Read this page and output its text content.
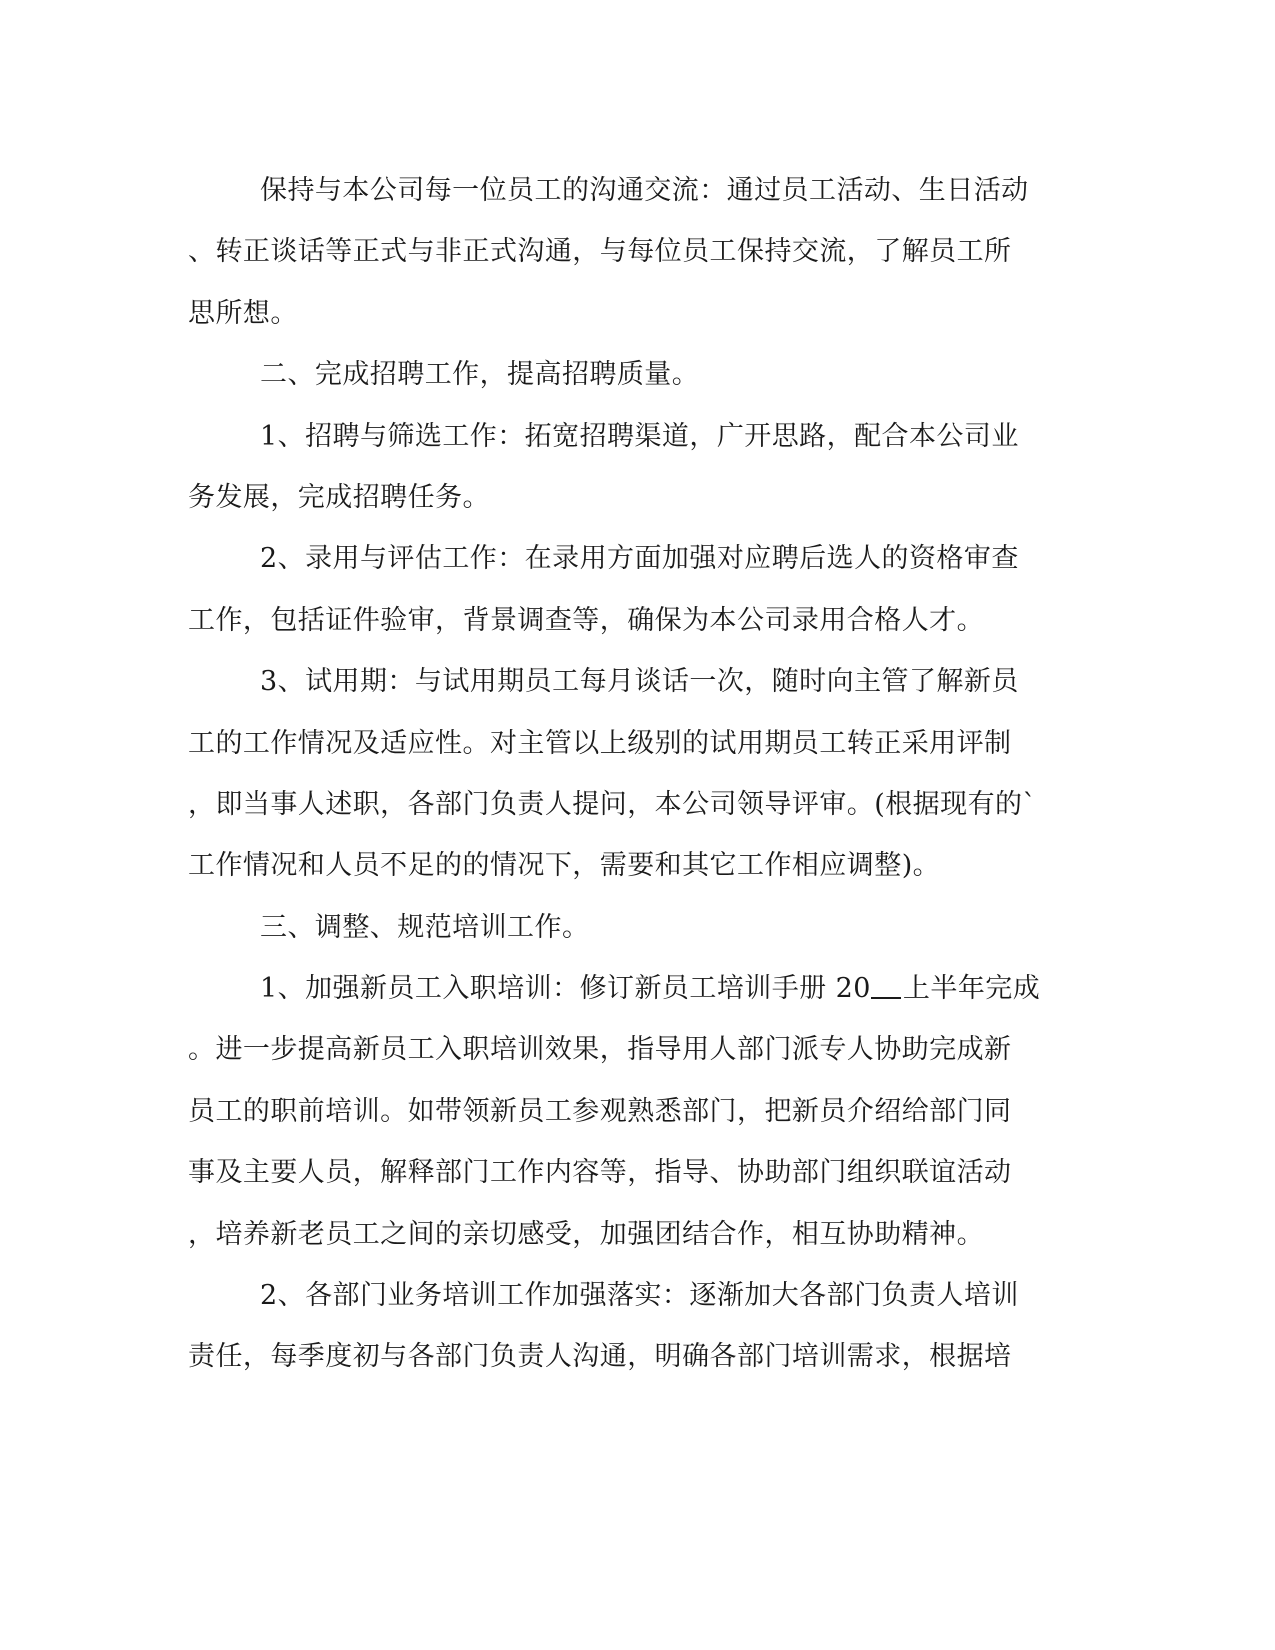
保持与本公司每一位员工的沟通交流：通过员工活动、生日活动
、转正谈话等正式与非正式沟通，与每位员工保持交流，了解员工所
思所想。
二、完成招聘工作，提高招聘质量。
1、招聘与筛选工作：拓宽招聘渠道，广开思路，配合本公司业
务发展，完成招聘任务。
2、录用与评估工作：在录用方面加强对应聘后选人的资格审查
工作，包括证件验审，背景调查等，确保为本公司录用合格人才。
3、试用期：与试用期员工每月谈话一次，随时向主管了解新员
工的工作情况及适应性。对主管以上级别的试用期员工转正采用评制
，即当事人述职，各部门负责人提问，本公司领导评审。(根据现有的`
工作情况和人员不足的的情况下，需要和其它工作相应调整)。
三、调整、规范培训工作。
1、加强新员工入职培训：修订新员工培训手册 20 上半年完成
。进一步提高新员工入职培训效果，指导用人部门派专人协助完成新
员工的职前培训。如带领新员工参观熟悉部门，把新员介绍给部门同
事及主要人员，解释部门工作内容等，指导、协助部门组织联谊活动
，培养新老员工之间的亲切感受，加强团结合作，相互协助精神。
2、各部门业务培训工作加强落实：逐渐加大各部门负责人培训
责任，每季度初与各部门负责人沟通，明确各部门培训需求，根据培
